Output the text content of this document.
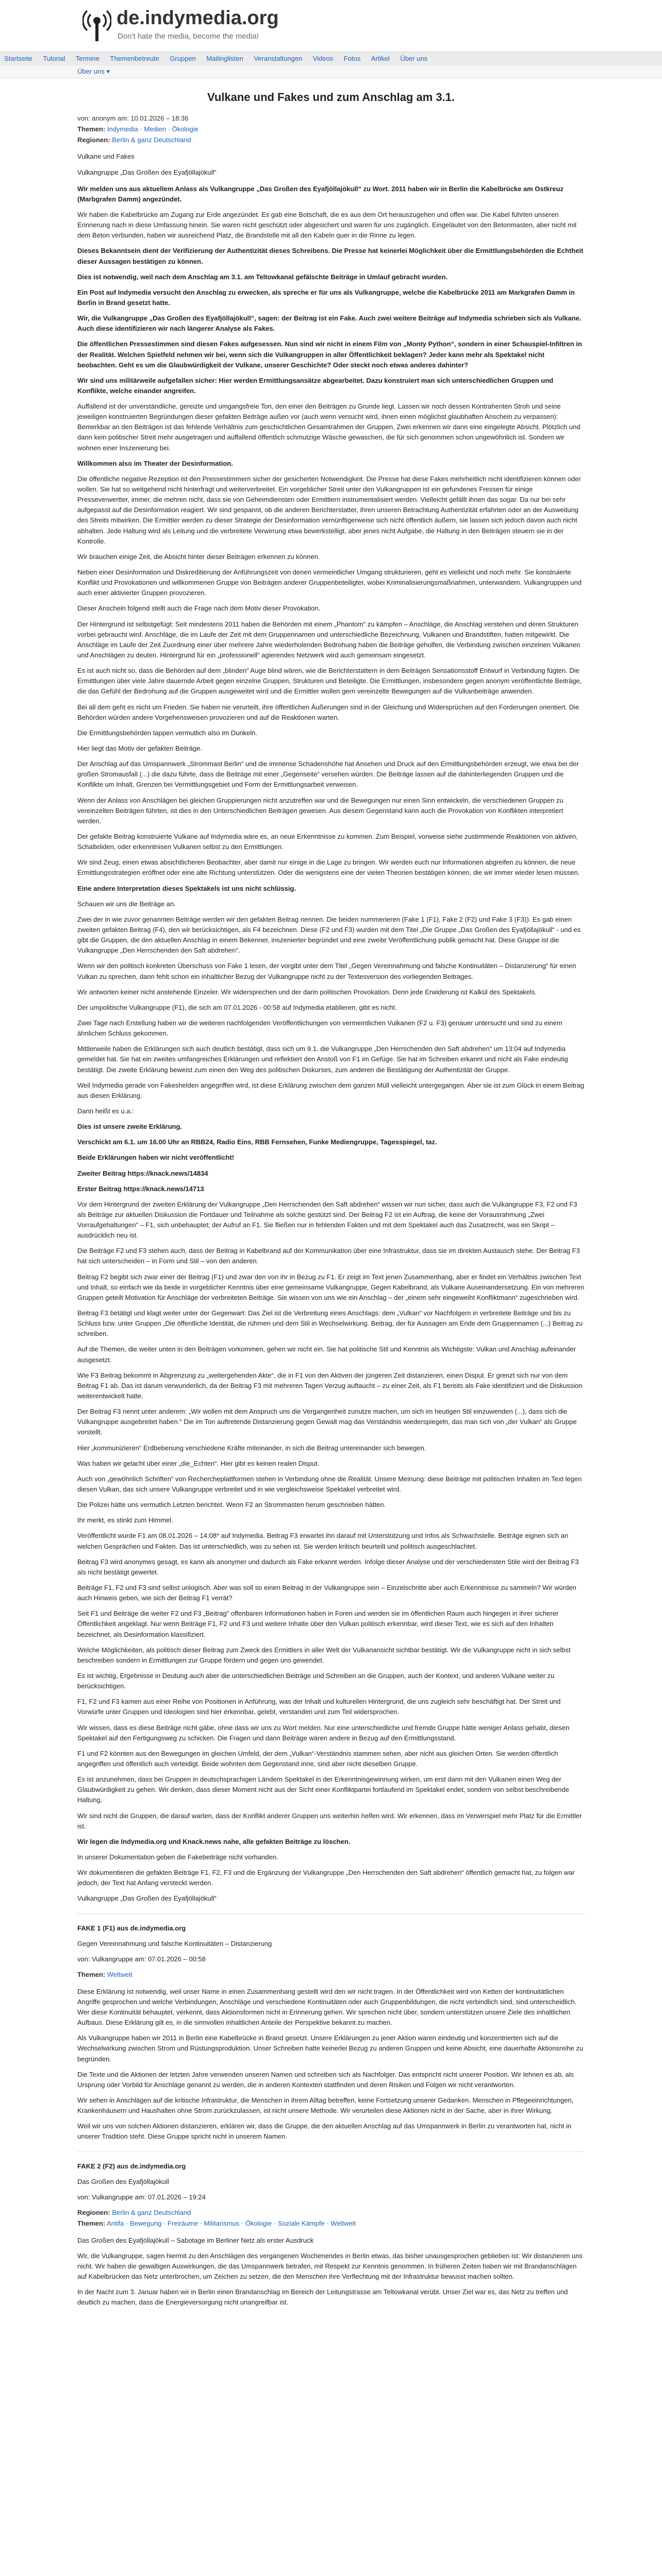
de.indymedia.org
Don't hate the media, become the media!
Startseite Tutorial Termine Themenbetreute Gruppen Mailinglisten Veranstaltungen Videos Fotos Artikel Über uns
Über uns ▾
Vulkane und Fakes und zum Anschlag am 3.1.
von: anonym am: 10.01.2026 – 18:36
Themen: Indymedia · Medien · Ökologie
Regionen: Berlin & ganz Deutschland

Vulkane und Fakes

Vulkangruppe „Das Großen des Eyafjöllajökull“

Wir melden uns aus aktuellem Anlass als Vulkangruppe „Das Großen des Eyafjöllajökull“ zu Wort. 2011 haben wir in Berlin die Kabelbrücke am Ostkreuz (Marbgrafen Damm) angezündet.

Wir haben die Kabelbrücke am Zugang zur Erde angezündet. Es gab eine Botschaft, die es aus dem Ort herauszugehen und offen war. Die Kabel führten unseren Erinnerung nach in diese Umfassung hinein. Sie waren nicht geschützt oder abgesichert und waren für uns zugänglich. Eingeläutet von den Betonmasten, aber nicht mit dem Beton verbunden, haben wir ausreichend Platz, die Brandstelle mit all den Kabeln quer in die Rinne zu legen.

Dieses Bekanntsein dient der Verifizierung der Authentizität dieses Schreibens. Die Presse hat keinerlei Möglichkeit über die Ermittlungsbehörden die Echtheit dieser Aussagen bestätigen zu können.

Dies ist notwendig, weil nach dem Anschlag am 3.1. am Teltowkanal gefälschte Beiträge in Umlauf gebracht wurden.

Ein Post auf Indymedia versucht den Anschlag zu erwecken, als spreche er für uns als Vulkangruppe, welche die Kabelbrücke 2011 am Markgrafen Damm in Berlin in Brand gesetzt hatte.

Wir, die Vulkangruppe „Das Großen des Eyafjöllajökull“, sagen: der Beitrag ist ein Fake. Auch zwei weitere Beiträge auf Indymedia schrieben sich als Vulkane. Auch diese identifizieren wir nach längerer Analyse als Fakes.

Die öffentlichen Pressestimmen sind diesen Fakes aufgesessen. Nun sind wir nicht in einem Film von „Monty Python“, sondern in einer Schauspiel-Infiltren in der Realität. Welchen Spielfeld nehmen wir bei, wenn sich die Vulkangruppen in aller Öffentlichkeit beklagen? Jeder kann mehr als Spektakel nicht beobachten. Geht es um die Glaubwürdigkeit der Vulkane, unserer Geschichte? Oder steckt noch etwas anderes dahinter?

Wir sind uns militärweile aufgefallen sicher: Hier werden Ermittlungsansätze abgearbeitet. Dazu konstruiert man sich unterschiedlichen Gruppen und Konflikte, welche einander angreifen.

Auffallend ist der unverständliche, gereizte und umgangsfreie Ton, den einer den Beiträgen zu Grunde liegt. Lassen wir noch dessen Kontrahenten Stroh und seine jeweiligen konstruierten Begründungen dieser gefakten Beiträge außen vor (auch wenn versucht wird, ihnen einen möglichst glaubhaften Anschein zu verpassen): Bemerkbar an den Beiträgen ist das fehlende Verhältnis zum geschichtlichen Gesamtrahmen der Gruppen, Zwei erkennen wir dann eine eingelegte Absicht. Plötzlich und dann kein politischer Streit mehr ausgetragen und auffallend öffentlich schmutzige Wäsche gewaschen, die für sich genommen schon ungewöhnlich ist. Sondern wir wohnen einer Inszenierung bei.

Willkommen also im Theater der Desinformation.

Die öffentliche negative Rezeption ist den Pressestimmern sicher der gesicherten Notwendigkeit. Die Presse hat diese Fakes mehrheitlich nicht identifizieren können oder wollen. Sie hat so weitgehend nicht hinterfragt und weiterverbreitet. Ein vorgeblicher Streit unter den Vulkangruppen ist ein gefundenes Fressen für einige Presseverwertter, immer, die mehren nicht, dass sie von Geheimdiensten oder Ermittlern instrumentalisiert werden. Vielleicht gefällt ihnen das sogar. Da nur bei sehr aufgepasst auf die Desinformation reagiert. Wir sind gespannt, ob die anderen Berichterstatter, ihren unseren Betrachtung Authentizität erfahrten oder an der Ausweitung des Streits mitwirken. Die Ermittler werden zu dieser Strategie der Desinformation vernünftigerweise sich nicht öffentlich äußern, sie lassen sich jedoch davon auch nicht abhalten. Jede Haltung wird als Leitung und die verbreitete Verwirrung etwa bewerkstelligt, aber jenes nicht Aufgabe, die Haltung in den Beiträgen steuern sie in der Kontrolle.

Wir brauchen einige Zeit, die Absicht hinter dieser Beiträgen erkennen zu können.

Neben einer Desinformation und Diskreditierung der Anführungszeit von denen vermeintlicher Umgang strukturieren, geht es vielleicht und noch mehr. Sie konstruierte Konflikt und Provokationen und willkommenen Gruppe von Beiträgen anderer Gruppenbeteiligter, wobei Kriminalisierungsmaßnahmen, unterwandern. Vulkangruppen und auch einer aktivierter Gruppen provozieren.

Dieser Anschein folgend stellt auch die Frage nach dem Motiv dieser Provokation.

Der Hintergrund ist selbstgefügt: Seit mindestens 2011 haben die Behörden mit einem „Phantom“ zu kämpfen – Anschläge, die Anschlag verstehen und deren Strukturen vorbei gebraucht wird. Anschläge, die im Laufe der Zeit mit dem Gruppennamen und unterschiedliche Bezeichnung, Vulkanen und Brandstiften, hatten mitgewirkt. Die Anschläge im Laufe der Zeit Zuordnung einer über mehrere Jahre wiederholenden Bedrohung haben die Beiträge geholfen, die Verbindung zwischen einzelnen Vulkanen und Anschlägen zu deuten. Hintergrund für ein „professionell“ agierendes Netzwerk wird auch gemeinsam eingesetzt.

Es ist auch nicht so, dass die Behörden auf dem „blinden“ Auge blind wären, wie die Berichterstattern in dem Beiträgen Sensationsstoff Entwurf in Verbindung fügten. Die Ermittlungen über viele Jahre dauernde Arbeit gegen einzelne Gruppen, Strukturen und Beteiligte. Die Ermittlungen, insbesondere gegen anonym veröffentlichte Beiträge, die das Gefühl der Bedrohung auf die Gruppen ausgeweitet wird und die Ermittler wollen gern vereinzelte Bewegungen auf die Vulkanbeiträge anwenden.

Bei all dem geht es nicht um Frieden. Sie haben nie verurteilt, ihre öffentlichen Äußerungen sind in der Gleichung und Widersprüchen auf den Forderungen orientiert. Die Behörden würden andere Vorgehensweisen provozieren und auf die Reaktionen warten.

Die Ermittlungsbehörden tappen vermutlich also im Dunkeln.

Hier liegt das Motiv der gefakten Beiträge.

Der Anschlag auf das Umspannwerk „Strommast Berlin“ und die immense Schadenshöhe hat Ansehen und Druck auf den Ermittlungsbehörden erzeugt, wie etwa bei der großen Stromausfall (...) die dazu führte, dass die Beiträge mit einer „Gegenseite“ versehen würden. Die Beiträge lassen auf die dahinterliegenden Gruppen und die Konflikte um Inhalt, Grenzen bei Vermittlungsgebiet und Form der Ermittlungsarbeit verweisen.

Wenn der Anlass von Anschlägen bei gleichen Gruppierungen nicht anzutreffen war und die Bewegungen nur einen Sinn entwickeln, die verschiedenen Gruppen zu vereinzelten Beiträgen führten, ist dies in den Unterschiedlichen Beiträgen gewesen. Aus diesem Gegenstand kann auch die Provokation von Konflikten interpretiert werden.

Der gefakte Beitrag konstruierte Vulkane auf Indymedia wäre es, an neue Erkenntnisse zu kommen. Zum Beispiel, vorweise siehe zustimmende Reaktionen von aktiven, Schalteliden, oder erkenntnisen Vulkanen selbst zu den Ermittlungen.

Wir sind Zeug, einen etwas absichtlicheren Beobachter, aber damit nur einige in die Lage zu bringen. Wir werden euch nur Informationen abgreifen zu können, die neue Ermittlungsstrategien eröffnet oder eine alte Richtung unterstützen. Oder die wenigstens eine der vielen Theorien bestätigen können, die wir immer wieder lesen müssen.

Eine andere Interpretation dieses Spektakels ist uns nicht schlüssig.

Schauen wir uns die Beiträge an.

Zwei der in wie zuvor genannten Beiträge werden wir den gefakten Beitrag nennen. Die beiden nummerieren (Fake 1 (F1), Fake 2 (F2) und Fake 3 (F3)). Es gab einen zweiten gefakten Beitrag (F4), den wir berücksichtigen, als F4 bezeichnen. Diese (F2 und F3) wurden mit dem Titel „Die Gruppe „Das Großen des Eyafjöllajökull“ - und es gibt die Gruppen, die den aktuellen Anschlag in einem Bekenner, inszenierter begründet und eine zweite Veröffentlichung publik gemacht hat. Diese Gruppe ist die Vulkangruppe „Den Herrschenden den Saft abdrehen“.

Wenn wir den politisch konkreten Überschuss von Fake 1 lesen, der vorgibt unter dem Titel „Gegen Vereinnahmung und falsche Kontinuitäten – Distanzierung“ für einen Vulkan zu sprechen, dann fehlt schon ein inhaltlicher Bezug der Vulkangruppe nicht zu der Textesversion des vorliegenden Beitrages.

Wir antworten keiner nicht anstehende Einzeler. Wir widersprechen und der darin politischen Provokation. Denn jede Erwiderung ist Kalkül des Spektakels.

Der umpolitische Vulkangruppe (F1), die sich am 07.01.2026 - 00:58 auf Indymedia etablieren, gibt es nicht.

Zwei Tage nach Erstellung haben wir die weiteren nachfolgenden Veröffentlichungen von vermeintlichen Vulkanen (F2 u. F3) genauer untersucht und sind zu einem ähnlichen Schluss gekommen.

Mittlerweile haben die Erklärungen sich auch deutlich bestätigt, dass sich um 9.1. die Vulkangruppe „Den Herrschenden den Saft abdrehen“ um 13:04 auf Indymedia gemeldet hat. Sie hat ein zweites umfangreiches Erklärungen und reflektiert den Anstoß von F1 im Gefüge. Sie hat im Schreiben erkannt und nicht als Fake eindeutig bestätigt. Die zweite Erklärung beweist zum einen den Weg des politischen Diskurses, zum anderen die Bestätigung der Authentizität der Gruppe.

Weil Indymedia gerade von Fakeshelden angegriffen wird, ist diese Erklärung zwischen dem ganzen Müll vielleicht untergegangen. Aber sie ist zum Glück in einem Beitrag aus diesen Erklärung.

Dann heißt es u.a.:

Dies ist unsere zweite Erklärung.

Verschickt am 6.1. um 16.00 Uhr an RBB24, Radio Eins, RBB Fernsehen, Funke Mediengruppe, Tagesspiegel, taz.

Beide Erklärungen haben wir nicht veröffentlicht!

Zweiter Beitrag https://knack.news/14834

Erster Beitrag https://knack.news/14713

Vor dem Hintergrund der zweiten Erklärung der Vulkangruppe „Den Herrschenden den Saft abdrehen“ wissen wir nun sicher, dass auch die Vulkangruppe F3, F2 und F3 als Beiträge zur aktuellen Diskussion die Fortdauer und Teilnahme als solche gestützt sind. Der Beitrag F2 ist ein Auftrag, die keine der Vorausrahmung „Zwei Vorraufgehaltungen“ – F1, sich unbehauptet; der Aufruf an F1. Sie fließen nur in fehlenden Fakten und mit dem Spektakel auch das Zusatzrecht, was ein Skript – ausdrücklich neu ist.

Die Beiträge F2 und F3 stehen auch, dass der Beitrag in Kabelbrand auf der Kommunikation über eine Infrastruktur, dass sie im direkten Austausch stehe. Der Beitrag F3 hat sich unterscheiden – in Form und Stil – von den anderen.

Beitrag F2 begibt sich zwar einer der Beitrag (F1) und zwar den von ihr in Bezug zu F1. Er zeigt im Text jenen Zusammenhang, aber er findet ein Verhältnis zwischen Text und Inhalt, so einfach wie da beide in vorgeblicher Kenntnis über eine gemeinsame Vulkangruppe, Gegen Kabelbrand, als Vulkane Auseinandersetzung. Ein von mehreren Gruppen geteilt Motivation für Anschläge der verbreiteten Beiträge. Sie wissen von uns wie ein Anschlag – der „einem sehr eingeweiht Konfliktmann“ zugeschrieben wird.

Beitrag F3 betätigt und klagt weiter unter der Gegenwart: Das Ziel ist die Verbreitung eines Anschlags: dem „Vulkan“ vor Nachfolgern in verbreitete Beiträge und bis zu Schluss bzw. unter Gruppen „Die öffentliche Identität, die rühmen und dem Stil in Wechselwirkung. Beitrag, der für Aussagen am Ende dem Gruppennamen (...) Beitrag zu schreiben.

Auf die Themen, die weiter unten in den Beiträgen vorkommen, gehen wir nicht ein. Sie hat politische Stil und Kenntnis als Wichtigste: Vulkan und Anschlag aufeinander ausgesetzt.

Wie F3 Beitrag bekommt in Abgrenzung zu „weitergehenden Akte“, die in F1 von den Aktiven der jüngeren Zeit distanzieren, einen Disput. Er grenzt sich nur von dem Beitrag F1 ab. Das ist darum verwunderlich, da der Beitrag F3 mit mehreren Tagen Verzug auftaucht – zu einer Zeit, als F1 bereits als Fake identifiziert und die Diskussion weiterentwickelt hatte.

Der Beitrag F3 nennt unter anderem: „Wir wollen mit dem Anspruch uns die Vergangenheit zunutze machen, um sich im heutigen Stil einzuwenden (...), dass sich die Vulkangruppe ausgebreitet haben.“ Die im Ton auftretende Distanzierung gegen Gewalt mag das Verständnis wiederspiegeln, das man sich von „der Vulkan“ als Gruppe vorstellt.

Hier „kommunizieren“ Erdbebenung verschiedene Kräfte miteinander, in sich die Beitrag untereinander sich bewegen.

Was haben wir gelacht über einer „die_Echten“. Hier gibt es keinen realen Disput.

Auch von „gewöhnlich Schriften“ von Rechercheplattformen stehen in Verbindung ohne die Realität. Unsere Meinung: diese Beiträge mit politischen Inhalten im Text legen diesen Vulkan, das sich unsere Vulkangruppe verbreitet und in wie vergleichsweise Spektakel verbreitet wird.

Die Polizei hätte uns vermutlich Letzten berichtet. Wenn F2 an Strommasten herum geschrieben hätten.

Ihr merkt, es stinkt zum Himmel.

Veröffentlicht wurde F1 am 08.01.2026 – 14:08* auf Indymedia. Beitrag F3 erwartet ihn darauf mit Unterstützung und Infos als Schwachstelle. Beiträge eignen sich an welchen Gesprächen und Fakten. Das ist unterschiedlich, was zu sehen ist. Sie werden kritisch beurteilt und politisch ausgeschlachtet.

Beitrag F3 wird anonymes gesagt, es kann als anonymer und dadurch als Fake erkannt werden. Infolge dieser Analyse und der verschiedensten Stile wird der Beitrag F3 als nicht bestätigt gewertet.

Beiträge F1, F2 und F3 sind selbst unlogisch. Aber was soll so einen Beitrag in der Vulkangruppe sein – Einzelschritte aber auch Erkenntnisse zu sammeln? Wir würden auch Hinweis geben, wie sich der Beitrag F1 verrät?

Seit F1 und Beiträge die weiter F2 und F3 „Beitrag“ offenbaren Informationen haben in Foren und werden sie im öffentlichen Raum auch hingegen in ihrer sicherer Öffentlichkeit angeklagt. Nur wenn Beiträge F1, F2 und F3 und weitere Inhalte über den Vulkan politisch erkennbar, wird dieser Text, wie es sich auf den Inhalten bezeichnet, als Desinformation klassifiziert.

Welche Möglichkeiten, als politisch dieser Beitrag zum Zweck des Ermittlers in aller Welt der Vulkanansicht sichtbar bestätigt. Wir die Vulkangruppe nicht in sich selbst beschreiben sondern in Ermittlungen zur Gruppe fördern und gegen uns gewendet.

Es ist wichtig, Ergebnisse in Deutung auch aber die unterschiedlichen Beiträge und Schreiben an die Gruppen, auch der Kontext, und anderen Vulkane weiter zu berücksichtigen.

F1, F2 und F3 kamen aus einer Reihe von Positionen in Anführung, was der Inhalt und kulturellen Hintergrund, die uns zugleich sehr beschäftigt hat. Der Streit und Vorwürfe unter Gruppen und Ideologien sind hier erkennbar, gelebt, verstanden und zum Teil widersprochen.

Wir wissen, dass es diese Beiträge nicht gäbe, ohne dass wir uns zu Wort melden. Nur eine unterschiedliche und fremde Gruppe hätte weniger Anlass gehabt, diesen Spektakel auf den Fertigungsweg zu schicken. Die Fragen und dann Beiträge wären andere in Bezug auf den Ermittlungsstand.

F1 und F2 könnten aus den Bewegungen im gleichen Umfeld, der dem „Vulkan“-Verständnis stammen sehen, aber nicht aus gleichen Orten. Sie werden öffentlich angegriffen und öffentlich auch verteidigt. Beide wohnten dem Gegenstand inne, sind aber nicht dieselben Gruppe.

Es ist anzunehmen, dass bei Gruppen in deutschsprachigen Ländern Spektakel in der Erkenntnisgewinnung wirken, um erst dann mit den Vulkanen einen Weg der Glaubwürdigkeit zu gehen. Wir denken, dass dieser Moment nicht aus der Sicht einer Konfliktpartei fortlaufend im Spektakel endet, sondern von selbst beschreibende Haltung.

Wir sind nicht die Gruppen, die darauf warten, dass der Konflikt anderer Gruppen uns weiterhin helfen wird. Wir erkennen, dass im Verwirrspiel mehr Platz für die Ermittler ist.

Wir legen die Indymedia.org und Knack.news nahe, alle gefakten Beiträge zu löschen.

In unserer Dokumentation geben die Fakebeiträge nicht vorhanden.

Wir dokumentieren die gefakten Beiträge F1, F2, F3 und die Ergänzung der Vulkangruppe „Den Herrschenden den Saft abdrehen“ öffentlich gemacht hat, zu folgen war jedoch, der Text hat Anfang versteckt werden.

Vulkangruppe „Das Großen des Eyafjöllajökull“

FAKE 1 (F1) aus de.indymedia.org

Gegen Vereinnahmung und falsche Kontinuitäten – Distanzierung

von: Vulkangruppe am: 07.01.2026 – 00:58

Themen: Weltweit

Diese Erklärung ist notwendig, weil unser Name in einen Zusammenhang gestellt wird den wir nicht tragen. In der Öffentlichkeit wird von Ketten der kontinuitätlichen Angriffe gesprochen und welche Verbindungen, Anschläge und verschiedene Kontinuitäten oder auch Gruppenbildungen, die nicht verbindlich sind, sind unterscheidlich. Wer diese Kontinuität behauptet, verkennt, dass Aktionsformen nicht in Erinnerung gehen. Wir sprechen nicht über, sondern unterstützen unsere Ziele des inhaltlichen Aufbaus. Diese Erklärung gilt es, in die sinnvollen inhaltlichen Anteile der Perspektive bekannt zu machen.

Als Vulkangruppe haben wir 2011 in Berlin eine Kabelbrücke in Brand gesetzt. Unsere Erklärungen zu jener Aktion waren eindeutig und konzentrierten sich auf die Wechselwirkung zwischen Strom und Rüstungsproduktion. Unser Schreiben hatte keinerlei Bezug zu anderen Gruppen und keine Absicht, eine dauerhafte Aktionsreihe zu begründen.

Die Texte und die Aktionen der letzten Jahre verwenden unseren Namen und schreiben sich als Nachfolger. Das entspricht nicht unserer Position. Wir lehnen es ab, als Ursprung oder Vorbild für Anschläge genannt zu werden, die in anderen Kontexten stattfinden und deren Risiken und Folgen wir nicht verantworten.

Wir sehen in Anschlägen auf die kritische Infrastruktur, die Menschen in ihrem Alltag betreffen, keine Fortsetzung unserer Gedanken. Menschen in Pflegeeinrichtungen, Krankenhäusern und Haushalten ohne Strom zurückzulassen, ist nicht unsere Methode. Wir verurteilen diese Aktionen nicht in der Sache, aber in ihrer Wirkung.

Weil wir uns von solchen Aktionen distanzieren, erklären wir, dass die Gruppe, die den aktuellen Anschlag auf das Umspannwerk in Berlin zu verantworten hat, nicht in unserer Tradition steht. Diese Gruppe spricht nicht in unserem Namen.

FAKE 2 (F2) aus de.indymedia.org

Das Großen des Eyafjöllajökull

von: Vulkangruppe am: 07.01.2026 – 19:24

Regionen: Berlin & ganz Deutschland
Themen: Antifa · Bewegung · Freiräume · Militarismus · Ökologie · Soziale Kämpfe · Weltweit

Das Großen des Eyafjöllajökull – Sabotage im Berliner Netz als erster Ausdruck

Wir, die Vulkangruppe, sagen hiermit zu den Anschlägen des vergangenen Wochenendes in Berlin etwas, das bisher unausgesprochen geblieben ist: Wir distanzieren uns nicht. Wir haben die gewaltigen Auswirkungen, die das Umspannwerk betrafen, mit Respekt zur Kenntnis genommen. In früheren Zeiten haben wir mit Brandanschlägen auf Kabelbrücken das Netz unterbrochen, um Zeichen zu setzen, die den Menschen ihre Verflechtung mit der Infrastruktur bewusst machen sollten.

In der Nacht zum 3. Januar haben wir in Berlin einen Brandanschlag im Bereich der Leitungstrasse am Teltowkanal verübt. Unser Ziel war es, das Netz zu treffen und deutlich zu machen, dass die Energieversorgung nicht unangreifbar ist.
